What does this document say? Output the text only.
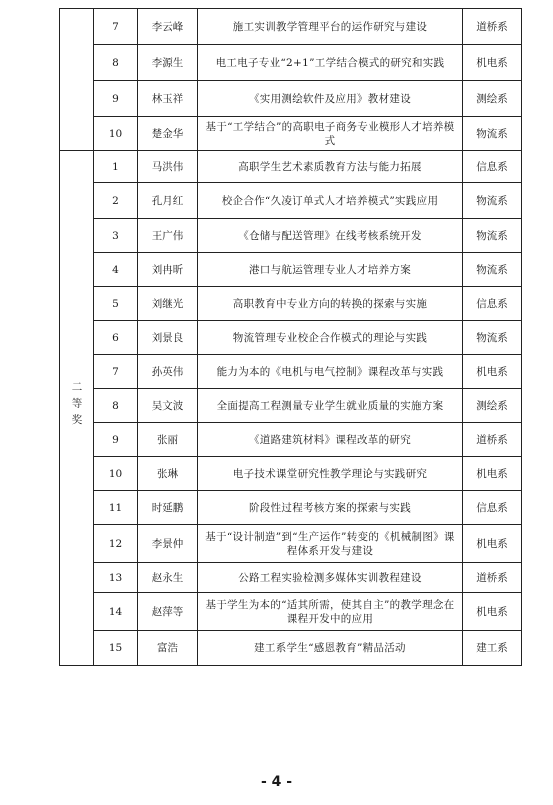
	7	李云峰	施工实训教学管理平台的运作研究与建设	道桥系
	8	李源生	电工电子专业“2+1”工学结合模式的研究和实践	机电系
	9	林玉祥	《实用测绘软件及应用》教材建设	测绘系
	10	楚金华	基于“工学结合”的高职电子商务专业模形人才培养模式	物流系
二等奖	1	马洪伟	高职学生艺术素质教育方法与能力拓展	信息系
	2	孔月红	校企合作“久凌订单式人才培养模式”实践应用	物流系
	3	王广伟	《仓储与配送管理》在线考核系统开发	物流系
	4	刘冉昕	港口与航运管理专业人才培养方案	物流系
	5	刘继光	高职教育中专业方向的转换的探索与实施	信息系
	6	刘景良	物流管理专业校企合作模式的理论与实践	物流系
	7	孙英伟	能力为本的《电机与电气控制》课程改革与实践	机电系
	8	吴文波	全面提高工程测量专业学生就业质量的实施方案	测绘系
	9	张丽	《道路建筑材料》课程改革的研究	道桥系
	10	张琳	电子技术课堂研究性教学理论与实践研究	机电系
	11	时延鹏	阶段性过程考核方案的探索与实践	信息系
	12	李景仲	基于“设计制造”到“生产运作”转变的《机械制图》课程体系开发与建设	机电系
	13	赵永生	公路工程实验检测多媒体实训教程建设	道桥系
	14	赵萍等	基于学生为本的“适其所需，使其自主”的教学理念在课程开发中的应用	机电系
	15	富浩	建工系学生“感恩教育”精品活动	建工系
- 4 -
